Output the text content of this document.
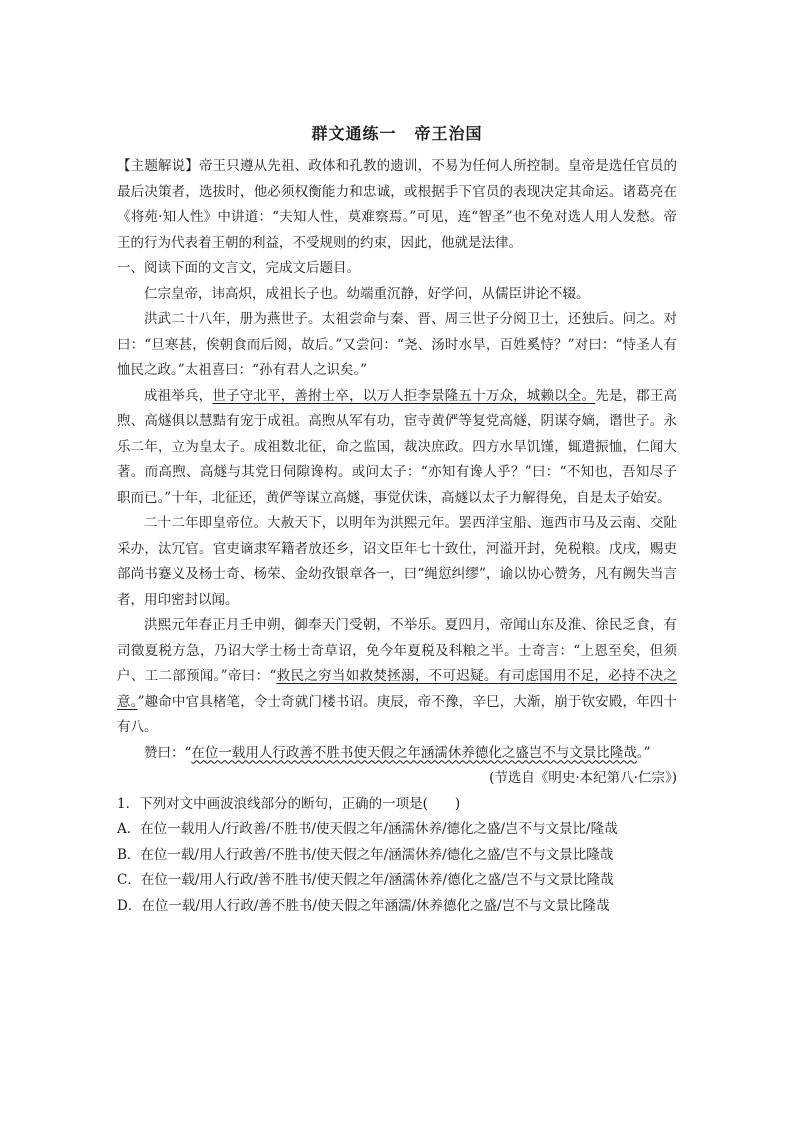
群文通练一 帝王治国

【主题解说】帝王只遵从先祖、政体和孔教的遗训，不易为任何人所控制。皇帝是选任官员的最后决策者，选拔时，他必须权衡能力和忠诚，或根据手下官员的表现决定其命运。诸葛亮在《将苑·知人性》中讲道：“夫知人性，莫难察焉。”可见，连“智圣”也不免对选人用人发愁。帝王的行为代表着王朝的利益，不受规则的约束，因此，他就是法律。

一、阅读下面的文言文，完成文后题目。

仁宗皇帝，讳高炽，成祖长子也。幼端重沉静，好学问，从儒臣讲论不辍。

洪武二十八年，册为燕世子。太祖尝命与秦、晋、周三世子分阅卫士，还独后。问之。对曰：“旦寒甚，俟朝食而后阅，故后。”又尝问：“尧、汤时水旱，百姓奚恃？”对曰：“恃圣人有恤民之政。”太祖喜曰：“孙有君人之识矣。”

成祖举兵，世子守北平，善拊士卒，以万人拒李景隆五十万众，城赖以全。先是，郡王高煦、高燧俱以慧黠有宠于成祖。高煦从军有功，宦寺黄俨等复党高燧，阴谋夺嫡，谮世子。永乐二年，立为皇太子。成祖数北征，命之监国，裁决庶政。四方水旱饥馑，辄遣振恤，仁闻大著。而高煦、高燧与其党日伺隙谗构。或问太子：“亦知有谗人乎？”曰：“不知也，吾知尽子职而已。”十年，北征还，黄俨等谋立高燧，事觉伏诛，高燧以太子力解得免，自是太子始安。

二十二年即皇帝位。大赦天下，以明年为洪熙元年。罢西洋宝船、迤西市马及云南、交阯采办，汰冗官。官吏谪隶军籍者放还乡，诏文臣年七十致仕，河溢开封，免税粮。戊戌，赐吏部尚书蹇义及杨士奇、杨荣、金幼孜银章各一，曰“绳愆纠缪”，谕以协心赞务，凡有阙失当言者，用印密封以闻。

洪熙元年春正月壬申朔，御奉天门受朝，不举乐。夏四月，帝闻山东及淮、徐民乏食，有司徵夏税方急，乃诏大学士杨士奇草诏，免今年夏税及科粮之半。士奇言：“上恩至矣，但须户、工二部预闻。”帝曰：“救民之穷当如救焚拯溺，不可迟疑。有司虑国用不足，必持不决之意。”趣命中官具楮笔，令士奇就门楼书诏。庚辰，帝不豫，辛巳，大渐，崩于钦安殿，年四十有八。

赞曰：“在位一载用人行政善不胜书使天假之年涵濡休养德化之盛岂不与文景比隆哉。”

(节选自《明史·本纪第八·仁宗》)

1．下列对文中画波浪线部分的断句，正确的一项是(　　)

A．在位一载用人/行政善/不胜书/使天假之年/涵濡休养/德化之盛/岂不与文景比/隆哉

B．在位一载/用人行政善/不胜书/使天假之年/涵濡休养/德化之盛/岂不与文景比隆哉

C．在位一载/用人行政/善不胜书/使天假之年/涵濡休养/德化之盛/岂不与文景比隆哉

D．在位一载/用人行政/善不胜书/使天假之年涵濡/休养德化之盛/岂不与文景比隆哉
